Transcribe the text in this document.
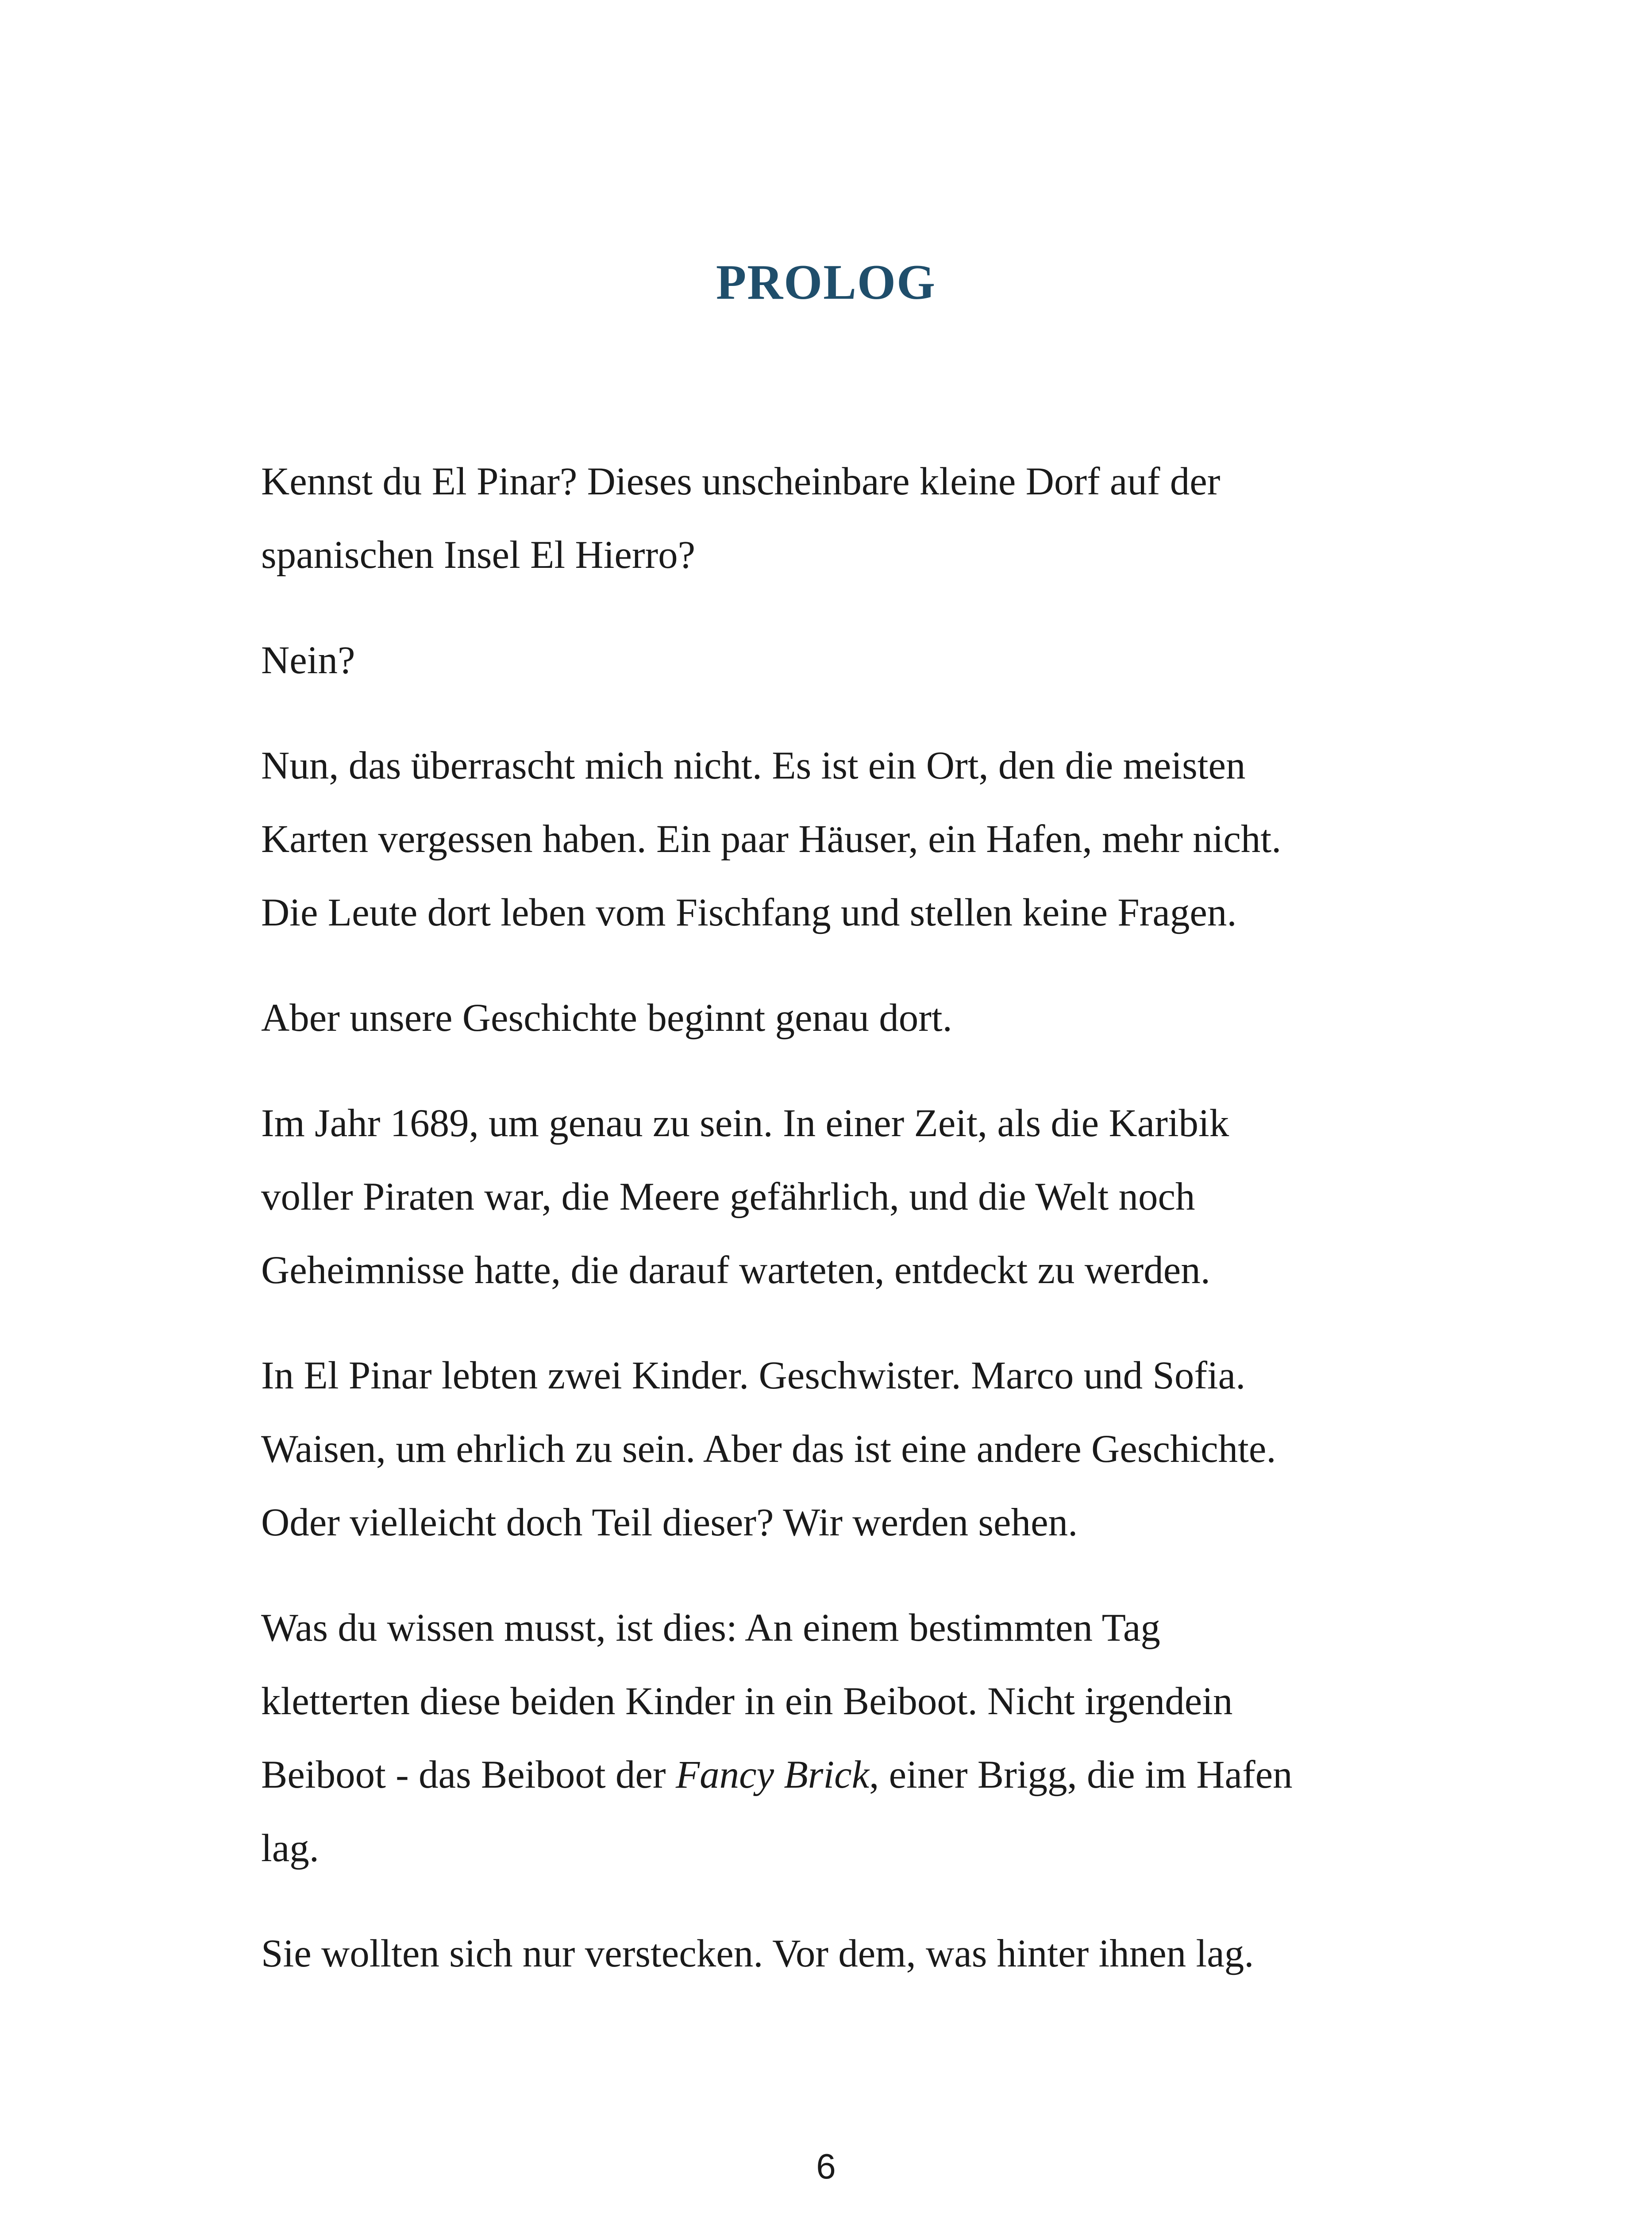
PROLOG

Kennst du El Pinar? Dieses unscheinbare kleine Dorf auf der
spanischen Insel El Hierro?

Nein?

Nun, das überrascht mich nicht. Es ist ein Ort, den die meisten
Karten vergessen haben. Ein paar Häuser, ein Hafen, mehr nicht.
Die Leute dort leben vom Fischfang und stellen keine Fragen.

Aber unsere Geschichte beginnt genau dort.

Im Jahr 1689, um genau zu sein. In einer Zeit, als die Karibik
voller Piraten war, die Meere gefährlich, und die Welt noch
Geheimnisse hatte, die darauf warteten, entdeckt zu werden.

In El Pinar lebten zwei Kinder. Geschwister. Marco und Sofia.
Waisen, um ehrlich zu sein. Aber das ist eine andere Geschichte.
Oder vielleicht doch Teil dieser? Wir werden sehen.

Was du wissen musst, ist dies: An einem bestimmten Tag
kletterten diese beiden Kinder in ein Beiboot. Nicht irgendein
Beiboot - das Beiboot der Fancy Brick, einer Brigg, die im Hafen
lag.

Sie wollten sich nur verstecken. Vor dem, was hinter ihnen lag.

6
